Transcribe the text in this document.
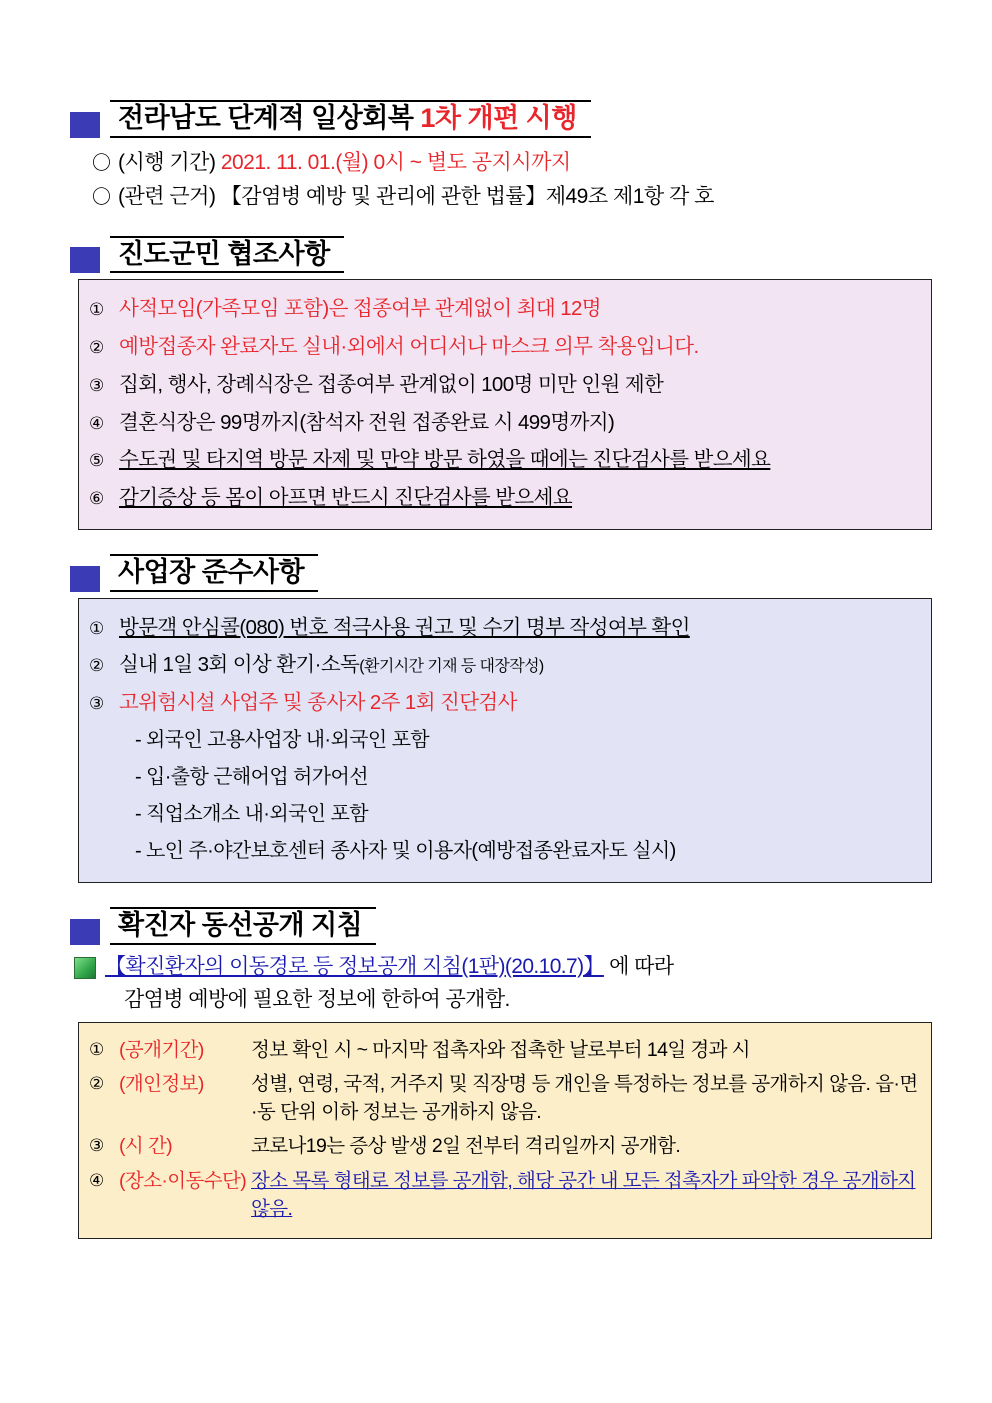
전라남도 단계적 일상회복 1차 개편 시행
〇 (시행 기간) 2021. 11. 01.(월) 0시 ~ 별도 공지시까지
〇 (관련 근거) 【감염병 예방 및 관리에 관한 법률】제49조 제1항 각 호
진도군민 협조사항
① 사적모임(가족모임 포함)은 접종여부 관계없이 최대 12명
② 예방접종자 완료자도 실내·외에서 어디서나 마스크 의무 착용입니다.
③ 집회, 행사, 장례식장은 접종여부 관계없이 100명 미만 인원 제한
④ 결혼식장은 99명까지(참석자 전원 접종완료 시 499명까지)
⑤ 수도권 및 타지역 방문 자제 및 만약 방문 하였을 때에는 진단검사를 받으세요
⑥ 감기증상 등 몸이 아프면 반드시 진단검사를 받으세요
사업장 준수사항
① 방문객 안심콜(080) 번호 적극사용 권고 및 수기 명부 작성여부 확인
② 실내 1일 3회 이상 환기·소독(환기시간 기재 등 대장작성)
③ 고위험시설 사업주 및 종사자 2주 1회 진단검사
- 외국인 고용사업장 내·외국인 포함
- 입·출항 근해어업 허가어선
- 직업소개소 내·외국인 포함
- 노인 주·야간보호센터 종사자 및 이용자(예방접종완료자도 실시)
확진자 동선공개 지침
【확진환자의 이동경로 등 정보공개 지침(1판)(20.10.7)】 에 따라
감염병 예방에 필요한 정보에 한하여 공개함.
① (공개기간)	정보 확인 시 ~ 마지막 접촉자와 접촉한 날로부터 14일 경과 시
② (개인정보)	성별, 연령, 국적, 거주지 및 직장명 등 개인을 특정하는 정보를 공개하지 않음. 읍·면·동 단위 이하 정보는 공개하지 않음.
③ (시 간)	코로나19는 증상 발생 2일 전부터 격리일까지 공개함.
④ (장소·이동수단) 장소 목록 형태로 정보를 공개함, 해당 공간 내 모든 접촉자가 파악한 경우 공개하지 않음.
